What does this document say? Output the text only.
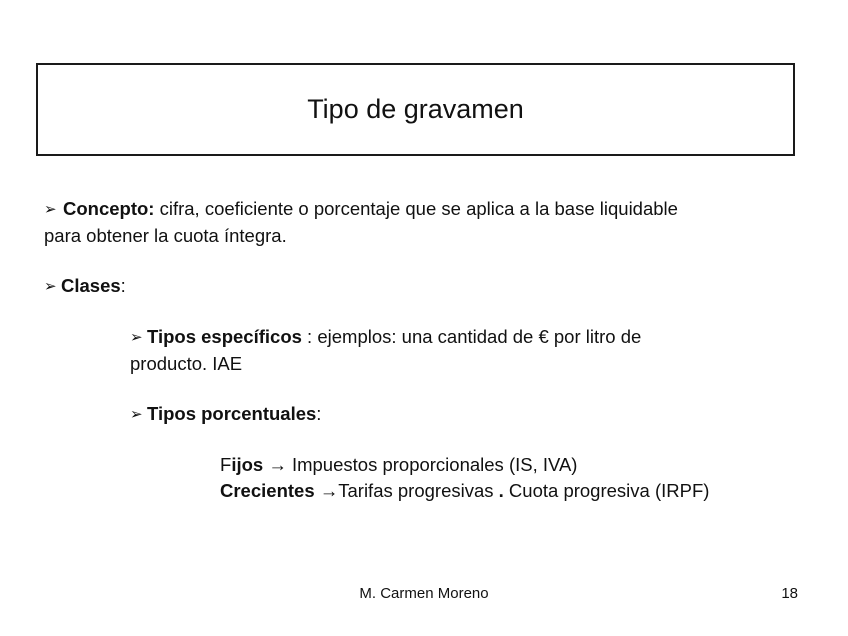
Tipo de gravamen

➢ Concepto: cifra, coeficiente o porcentaje que se aplica a la base liquidable
para obtener la cuota íntegra.

➢ Clases:

➢ Tipos específicos : ejemplos: una cantidad de € por litro de
producto. IAE

➢ Tipos porcentuales:

Fijos → Impuestos proporcionales (IS, IVA)

Crecientes →Tarifas progresivas . Cuota progresiva (IRPF)

M. Carmen Moreno	18
